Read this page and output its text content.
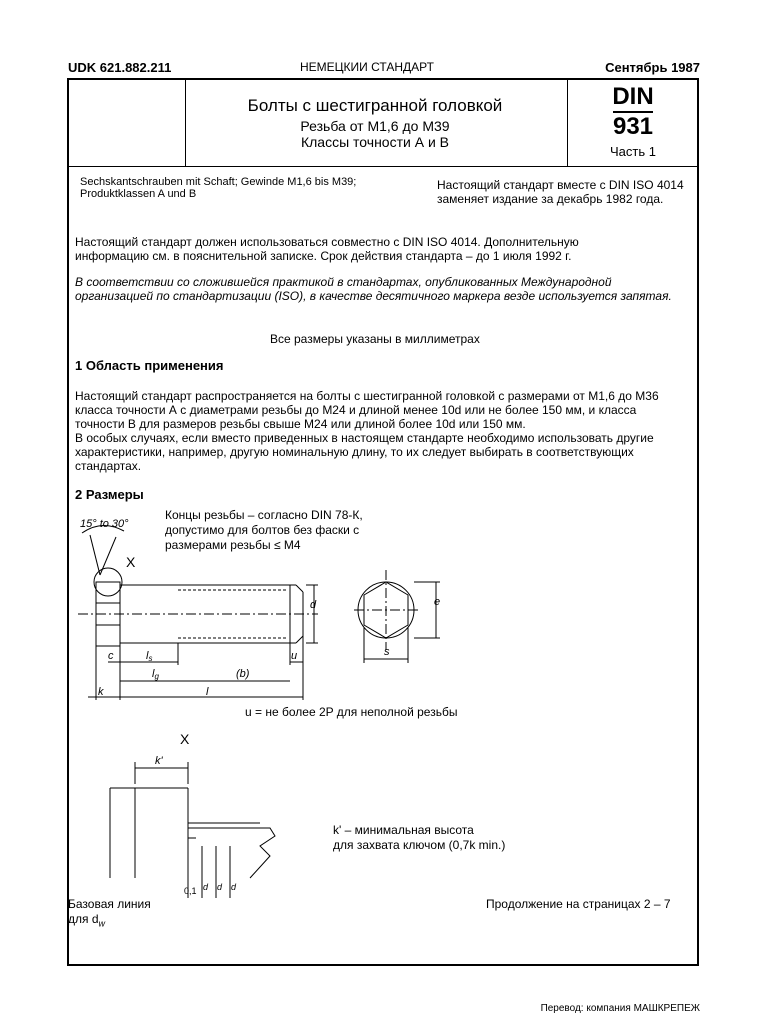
UDK 621.882.211	НЕМЕЦКИИ СТАНДАРТ	Сентябрь 1987
Болты с шестигранной головкой
Резьба от М1,6 до М39
Классы точности А и В
DIN
931
Часть 1
Sechskantschrauben mit Schaft; Gewinde M1,6 bis M39; Produktklassen A und B
Настоящий стандарт вместе с DIN ISO 4014 заменяет издание за декабрь 1982 года.
Настоящий стандарт должен использоваться совместно с DIN ISO 4014. Дополнительную информацию см. в пояснительной записке. Срок действия стандарта – до 1 июля 1992 г.
В соответствии со сложившейся практикой в стандартах, опубликованных Международной организацией по стандартизации (ISO), в качестве десятичного маркера везде используется запятая.
Все размеры указаны в миллиметрах
1 Область применения
Настоящий стандарт распространяется на болты с шестигранной головкой с размерами от М1,6 до М36 класса точности А с диаметрами резьбы до М24 и длиной менее 10d или не более 150 мм, и класса точности В для размеров резьбы свыше М24 или длиной более 10d или 150 мм.
В особых случаях, если вместо приведенных в настоящем стандарте необходимо использовать другие характеристики, например, другую номинальную длину, то их следует выбирать в соответствующих стандартах.
2 Размеры
Концы резьбы – согласно DIN 78-К, допустимо для болтов без фаски с размерами резьбы ≤ М4
15° to 30°
X
d	e
s
c	ls	u
lg	(b)
k	l
u = не более 2P для неполной резьбы
X
k'
0,1 d d d
k' – минимальная высота
для захвата ключом (0,7k min.)
Базовая линия
для $d_w$
Продолжение на страницах 2 – 7
Перевод: компания МАШКРЕПЕЖ
